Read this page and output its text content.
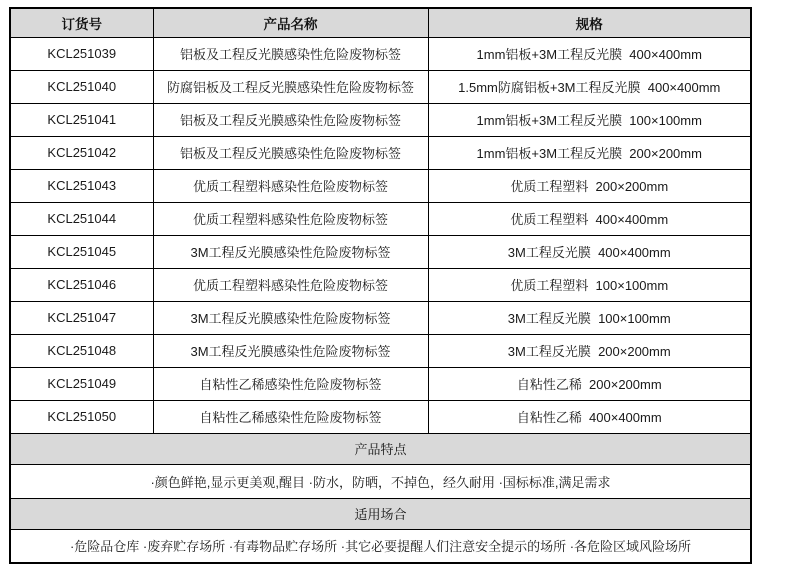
订货号	产品名称	规格
KCL251039	铝板及工程反光膜感染性危险废物标签	1mm铝板+3M工程反光膜  400×400mm
KCL251040	防腐铝板及工程反光膜感染性危险废物标签	1.5mm防腐铝板+3M工程反光膜  400×400mm
KCL251041	铝板及工程反光膜感染性危险废物标签	1mm铝板+3M工程反光膜  100×100mm
KCL251042	铝板及工程反光膜感染性危险废物标签	1mm铝板+3M工程反光膜  200×200mm
KCL251043	优质工程塑料感染性危险废物标签	优质工程塑料  200×200mm
KCL251044	优质工程塑料感染性危险废物标签	优质工程塑料  400×400mm
KCL251045	3M工程反光膜感染性危险废物标签	3M工程反光膜  400×400mm
KCL251046	优质工程塑料感染性危险废物标签	优质工程塑料  100×100mm
KCL251047	3M工程反光膜感染性危险废物标签	3M工程反光膜  100×100mm
KCL251048	3M工程反光膜感染性危险废物标签	3M工程反光膜  200×200mm
KCL251049	自粘性乙稀感染性危险废物标签	自粘性乙稀  200×200mm
KCL251050	自粘性乙稀感染性危险废物标签	自粘性乙稀  400×400mm
产品特点		
·颜色鲜艳,显示更美观,醒目 ·防水，防晒，不掉色，经久耐用 ·国标标准,满足需求		
适用场合		
·危险品仓库 ·废弃贮存场所 ·有毒物品贮存场所 ·其它必要提醒人们注意安全提示的场所 ·各危险区域风险场所		
